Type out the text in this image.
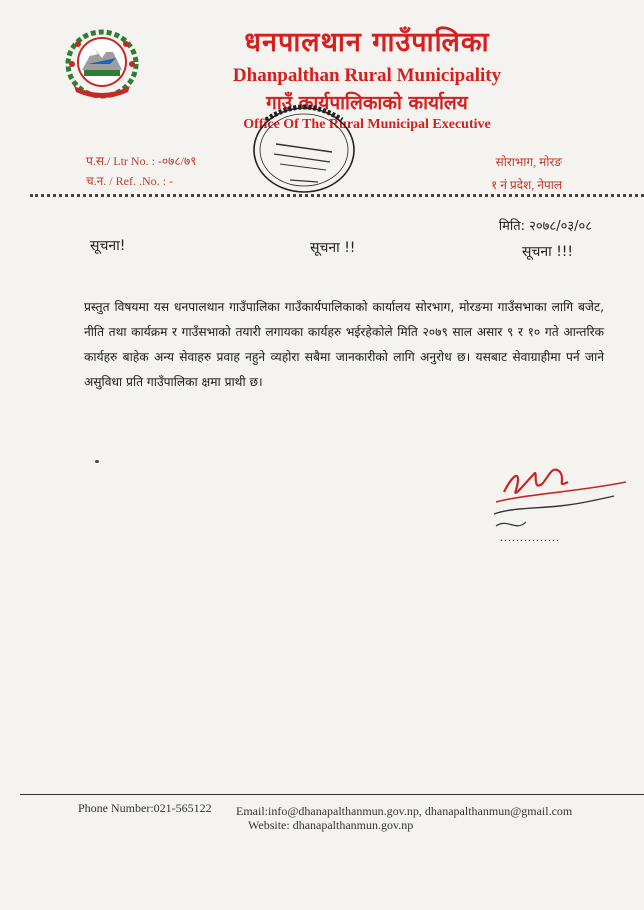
धनपालथान गाउँपालिका
Dhanpalthan Rural Municipality
गाउँ कार्यपालिकाको कार्यालय
Office Of The Rural Municipal Executive
प.स./ Ltr No. : -०७८/७९
च.न. / Ref. .No. : -
सोराभाग, मोरङ
१ नं प्रदेश, नेपाल
मिति: २०७८/०३/०८
सूचना!	सूचना !!	सूचना !!!

प्रस्तुत विषयमा यस धनपालथान गाउँपालिका गाउँकार्यपालिकाको कार्यालय सोरभाग, मोरङमा गाउँसभाका लागि बजेट, नीति तथा कार्यक्रम र गाउँसभाको तयारी लगायका कार्यहरु भईरहेकोले मिति २०७९ साल असार ९ र १० गते आन्तरिक कार्यहरु बाहेक अन्य सेवाहरु प्रवाह नहुने व्यहोरा सबैमा जानकारीको लागि अनुरोध छ। यसबाट सेवाग्राहीमा पर्न जाने असुविधा प्रति गाउँपालिका क्षमा प्राथी छ।

...............
Phone Number:021-565122 Email:info@dhanapalthanmun.gov.np, dhanapalthanmun@gmail.com
Website: dhanapalthanmun.gov.np
